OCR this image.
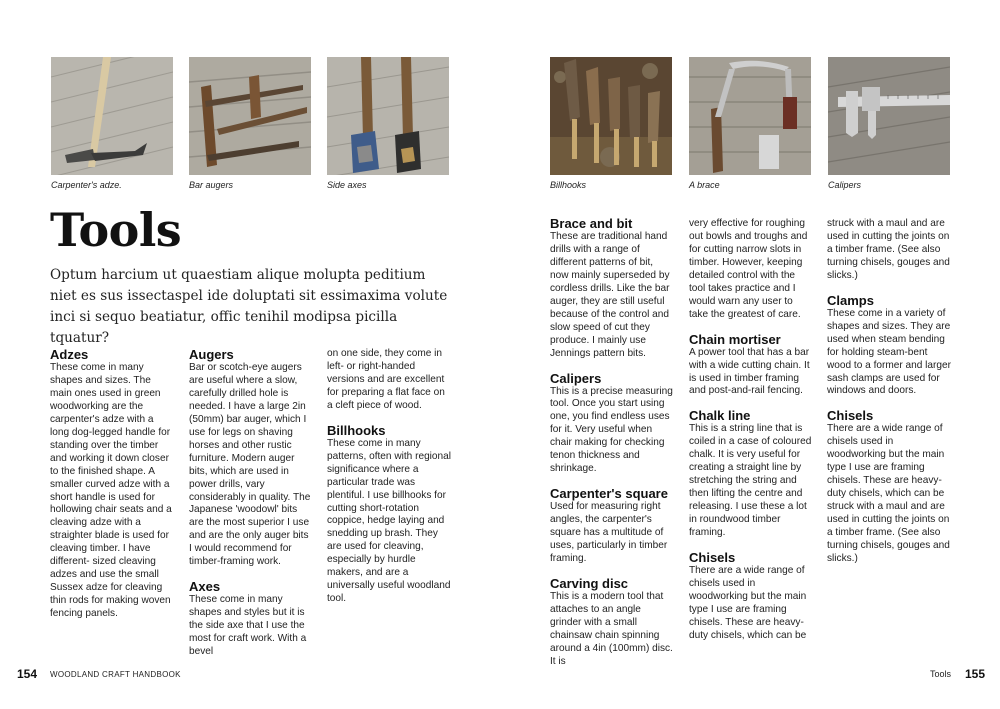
Carpenter's adze.	Bar augers	Side axes
Tools
Optum harcium ut quaestiam alique molupta peditium niet es sus issectaspel ide doluptati sit essimaxima volute inci si sequo beatiatur, offic tenihil modipsa picilla tquatur?
Adzes

These come in many shapes and sizes. The main ones used in green woodworking are the carpenter's adze with a long dog-legged handle for standing over the timber and working it down closer to the finished shape. A smaller curved adze with a short handle is used for hollowing chair seats and a cleaving adze with a straighter blade is used for cleaving timber. I have different- sized cleaving adzes and use the small Sussex adze for cleaving thin rods for making woven fencing panels.

Augers

Bar or scotch-eye augers are useful where a slow, carefully drilled hole is needed. I have a large 2in (50mm) bar auger, which I use for legs on shaving horses and other rustic furniture. Modern auger bits, which are used in power drills, vary considerably in quality. The Japanese 'woodowl' bits are the most superior I use and are the only auger bits I would recommend for timber-framing work.

Axes

These come in many shapes and styles but it is the side axe that I use the most for craft work. With a bevel

on one side, they come in left- or right-handed versions and are excellent for preparing a flat face on a cleft piece of wood.

Billhooks

These come in many patterns, often with regional significance where a particular trade was plentiful. I use billhooks for cutting short-rotation coppice, hedge laying and snedding up brash. They are used for cleaving, especially by hurdle makers, and are a universally useful woodland tool.

154 WOODLAND CRAFT HANDBOOK
Billhooks	A brace	Calipers
Brace and bit

These are traditional hand drills with a range of different patterns of bit, now mainly superseded by cordless drills. Like the bar auger, they are still useful because of the control and slow speed of cut they produce. I mainly use Jennings pattern bits.

Calipers

This is a precise measuring tool. Once you start using one, you find endless uses for it. Very useful when chair making for checking tenon thickness and shrinkage.

Carpenter's square

Used for measuring right angles, the carpenter's square has a multitude of uses, particularly in timber framing.

Carving disc

This is a modern tool that attaches to an angle grinder with a small chainsaw chain spinning around a 4in (100mm) disc. It is

very effective for roughing out bowls and troughs and for cutting narrow slots in timber. However, keeping detailed control with the tool takes practice and I would warn any user to take the greatest of care.

Chain mortiser

A power tool that has a bar with a wide cutting chain. It is used in timber framing and post-and-rail fencing.

Chalk line

This is a string line that is coiled in a case of coloured chalk. It is very useful for creating a straight line by stretching the string and then lifting the centre and releasing. I use these a lot in roundwood timber framing.

Chisels

There are a wide range of chisels used in woodworking but the main type I use are framing chisels. These are heavy-duty chisels, which can be

struck with a maul and are used in cutting the joints on a timber frame. (See also turning chisels, gouges and slicks.)

Clamps

These come in a variety of shapes and sizes. They are used when steam bending for holding steam-bent wood to a former and larger sash clamps are used for windows and doors.

Chisels

There are a wide range of chisels used in woodworking but the main type I use are framing chisels. These are heavy-duty chisels, which can be struck with a maul and are used in cutting the joints on a timber frame. (See also turning chisels, gouges and slicks.)

Tools 155
